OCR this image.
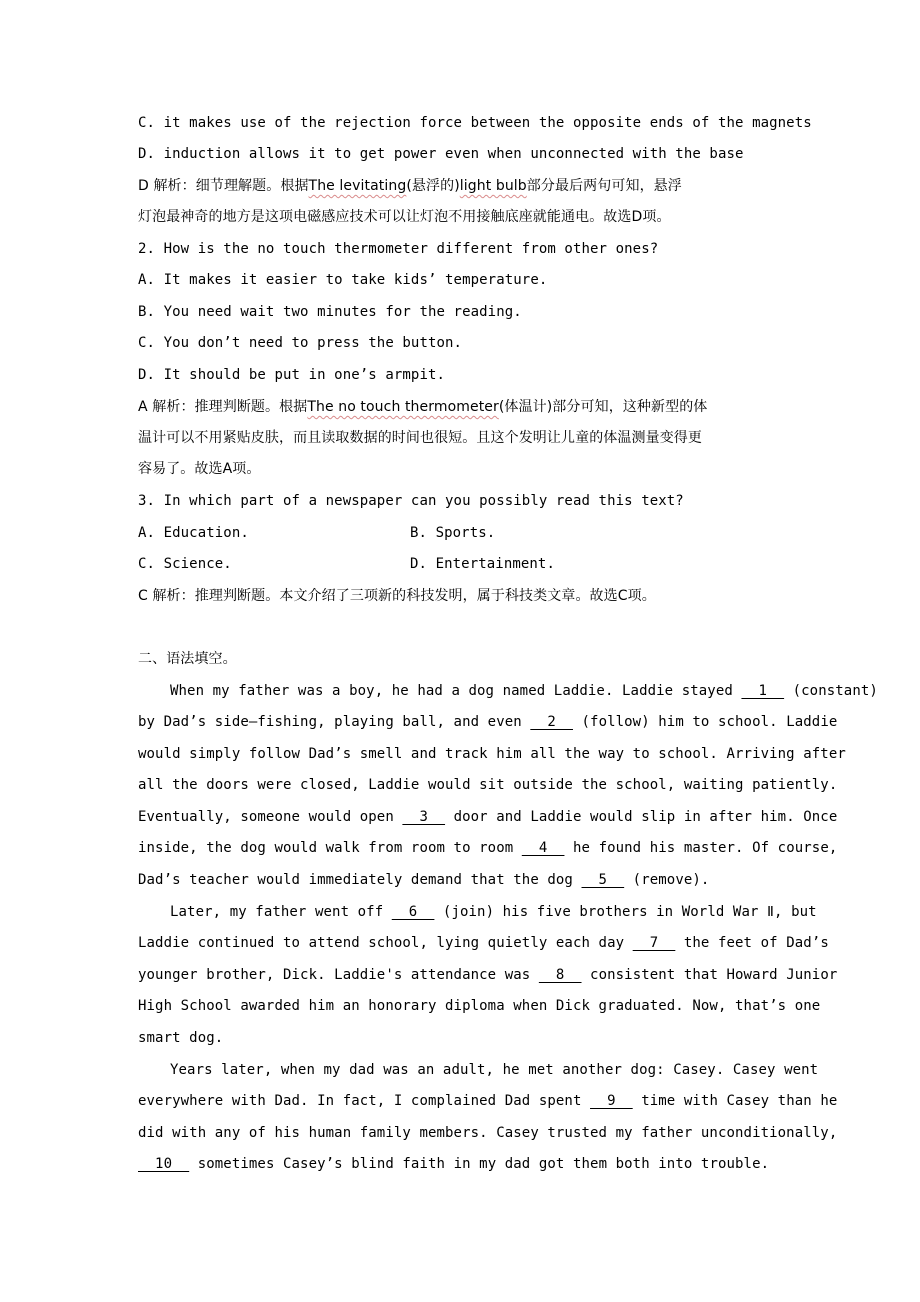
C. it makes use of the rejection force between the opposite ends of the magnets
D. induction allows it to get power even when unconnected with the base
D 解析：细节理解题。根据The levitating(悬浮的)light bulb部分最后两句可知，悬浮
灯泡最神奇的地方是这项电磁感应技术可以让灯泡不用接触底座就能通电。故选D项。
2. How is the no touch thermometer different from other ones?
A. It makes it easier to take kids’ temperature.
B. You need wait two minutes for the reading.
C. You don’t need to press the button.
D. It should be put in one’s armpit.
A 解析：推理判断题。根据The no touch thermometer(体温计)部分可知，这种新型的体
温计可以不用紧贴皮肤，而且读取数据的时间也很短。且这个发明让儿童的体温测量变得更
容易了。故选A项。
3. In which part of a newspaper can you possibly read this text?
A. Education.	B. Sports.
C. Science.	D. Entertainment.
C 解析：推理判断题。本文介绍了三项新的科技发明，属于科技类文章。故选C项。
二、语法填空。
When my father was a boy, he had a dog named Laddie. Laddie stayed   1   (constant)
by Dad’s side—fishing, playing ball, and even   2   (follow) him to school. Laddie
would simply follow Dad’s smell and track him all the way to school. Arriving after
all the doors were closed, Laddie would sit outside the school, waiting patiently.
Eventually, someone would open   3   door and Laddie would slip in after him. Once
inside, the dog would walk from room to room   4   he found his master. Of course,
Dad’s teacher would immediately demand that the dog   5   (remove).
Later, my father went off   6   (join) his five brothers in World War Ⅱ, but
Laddie continued to attend school, lying quietly each day   7   the feet of Dad’s
younger brother, Dick. Laddie's attendance was   8   consistent that Howard Junior
High School awarded him an honorary diploma when Dick graduated. Now, that’s one
smart dog.
Years later, when my dad was an adult, he met another dog: Casey. Casey went
everywhere with Dad. In fact, I complained Dad spent   9   time with Casey than he
did with any of his human family members. Casey trusted my father unconditionally,
10   sometimes Casey’s blind faith in my dad got them both into trouble.
